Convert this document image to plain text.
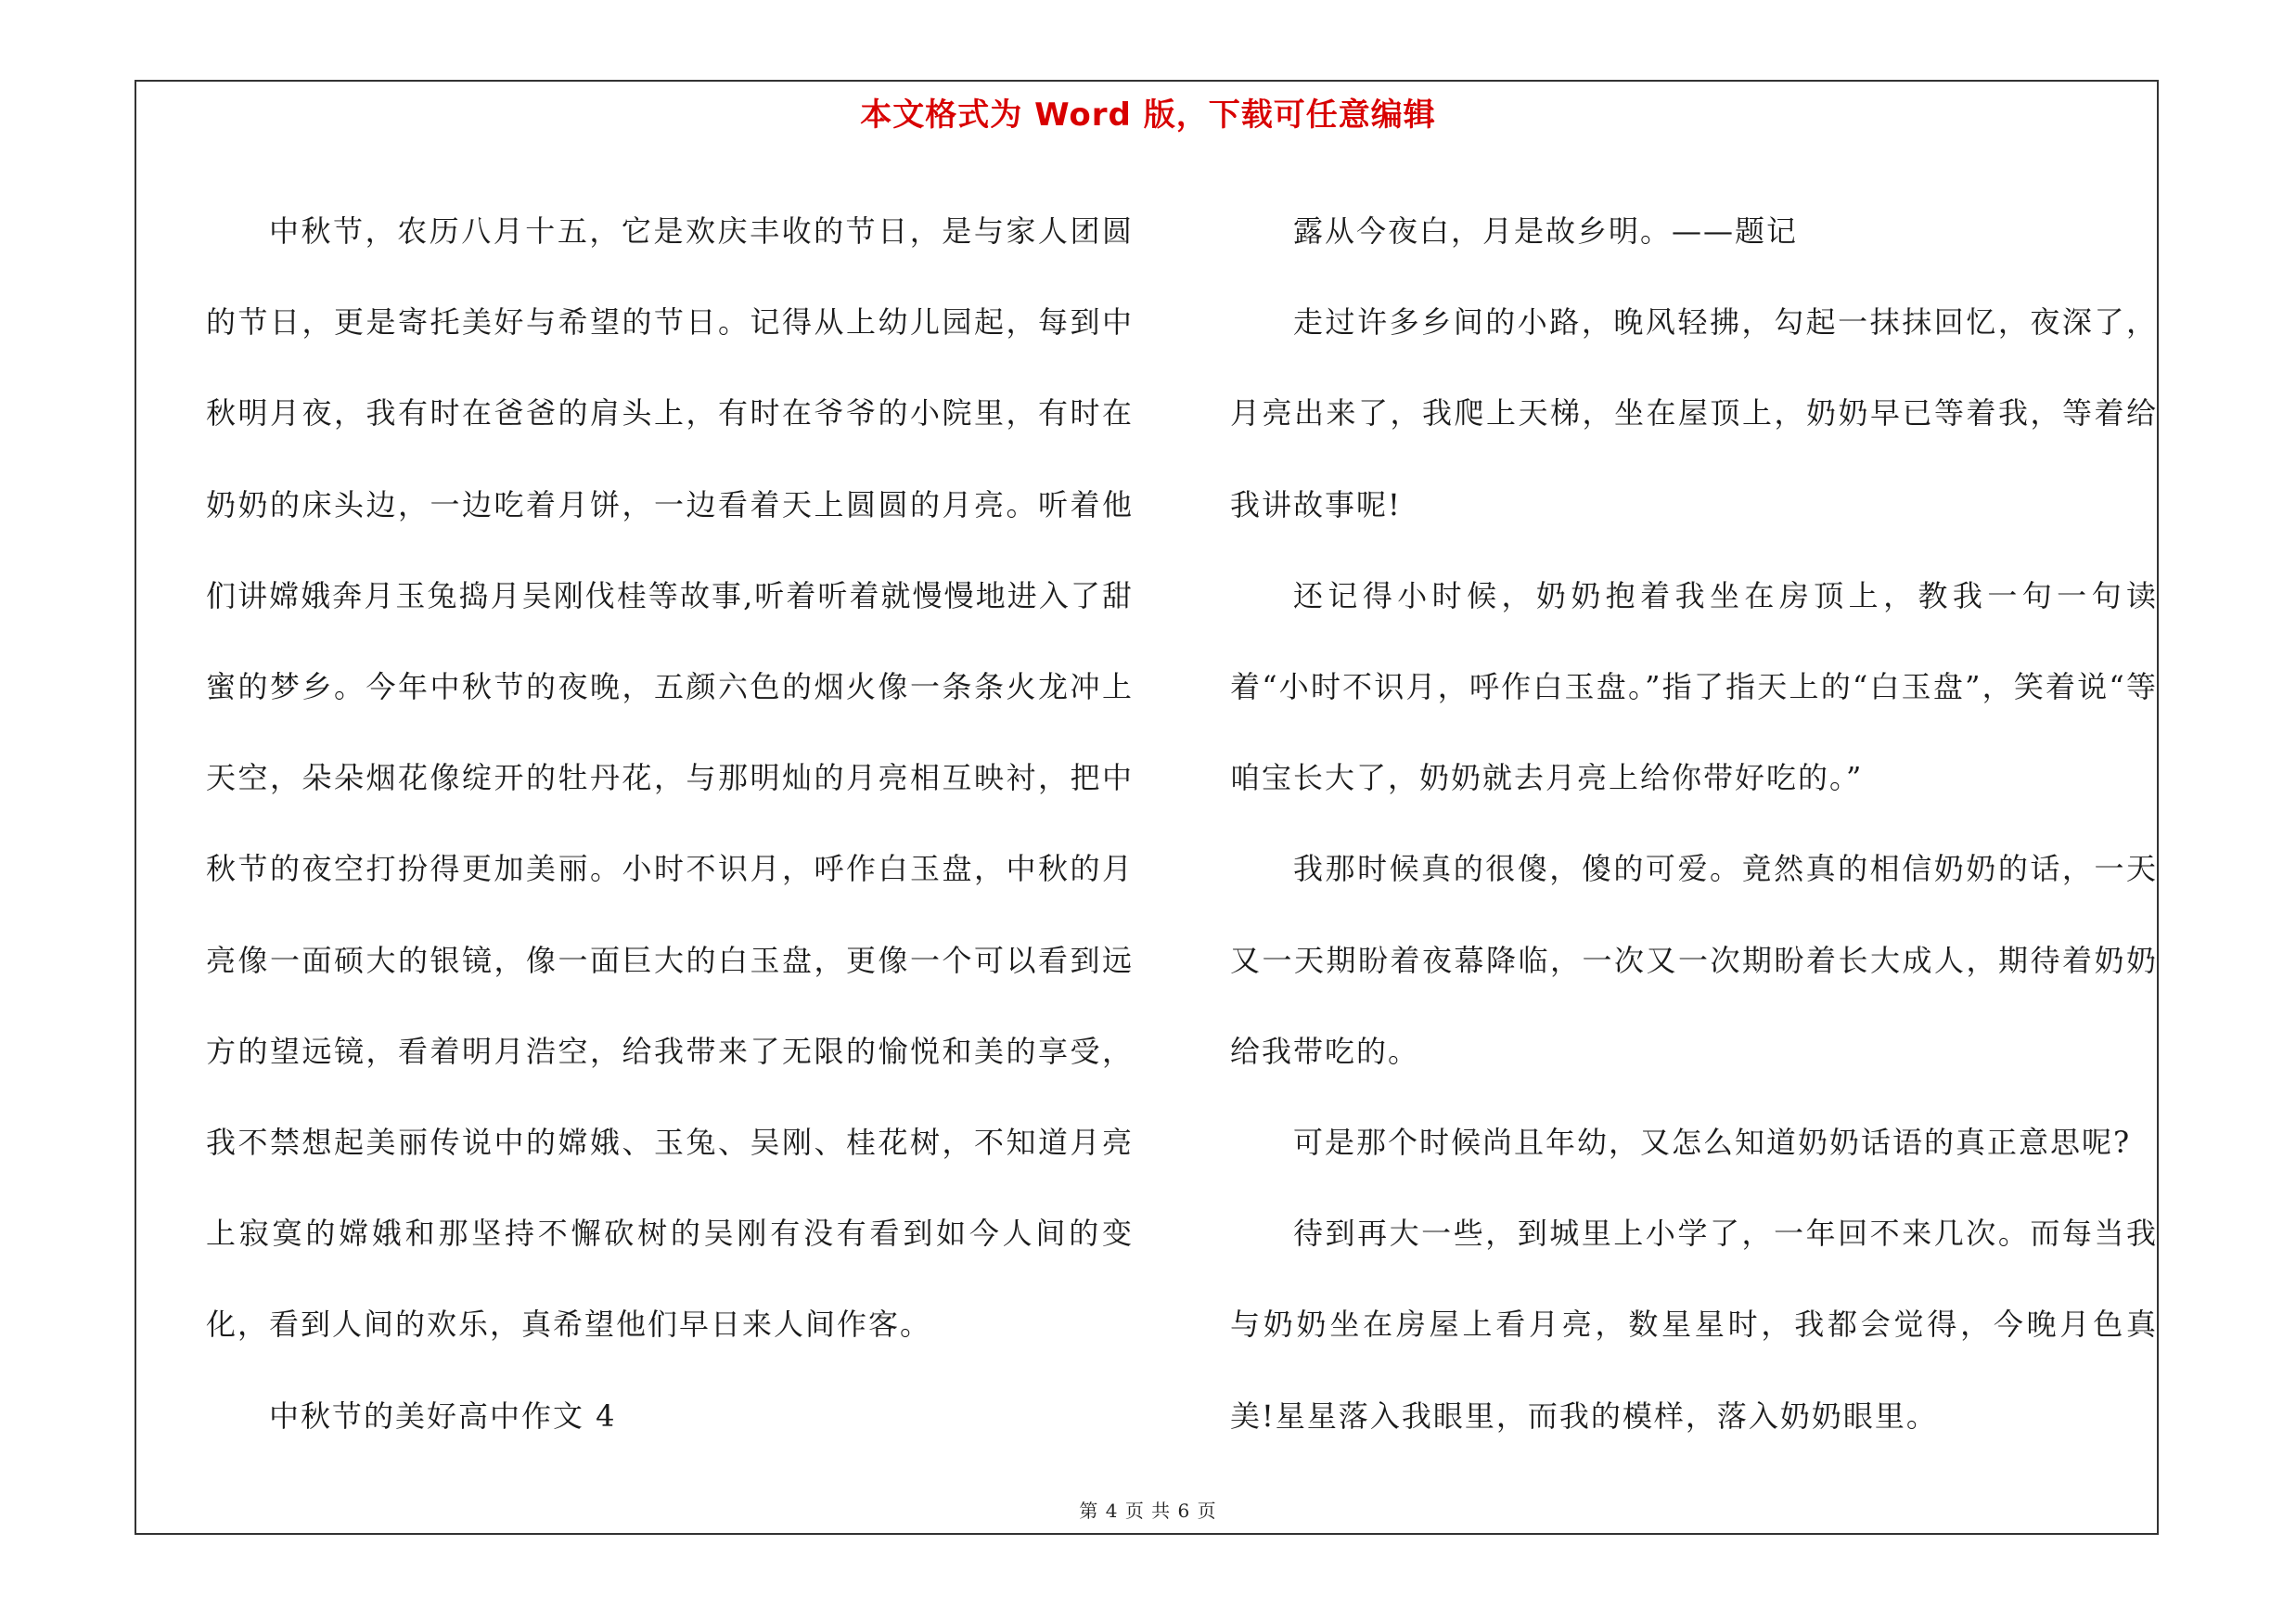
本文格式为 Word 版，下载可任意编辑

中秋节，农历八月十五，它是欢庆丰收的节日，是与家人团圆的节日，更是寄托美好与希望的节日。记得从上幼儿园起，每到中秋明月夜，我有时在爸爸的肩头上，有时在爷爷的小院里，有时在奶奶的床头边，一边吃着月饼，一边看着天上圆圆的月亮。听着他们讲嫦娥奔月玉兔捣月吴刚伐桂等故事,听着听着就慢慢地进入了甜蜜的梦乡。今年中秋节的夜晚，五颜六色的烟火像一条条火龙冲上天空，朵朵烟花像绽开的牡丹花，与那明灿的月亮相互映衬，把中秋节的夜空打扮得更加美丽。小时不识月，呼作白玉盘，中秋的月亮像一面硕大的银镜，像一面巨大的白玉盘，更像一个可以看到远方的望远镜，看着明月浩空，给我带来了无限的愉悦和美的享受，我不禁想起美丽传说中的嫦娥、玉兔、吴刚、桂花树，不知道月亮上寂寞的嫦娥和那坚持不懈砍树的吴刚有没有看到如今人间的变化，看到人间的欢乐，真希望他们早日来人间作客。

中秋节的美好高中作文 4

露从今夜白，月是故乡明。——题记

走过许多乡间的小路，晚风轻拂，勾起一抹抹回忆，夜深了，月亮出来了，我爬上天梯，坐在屋顶上，奶奶早已等着我，等着给我讲故事呢!

还记得小时候，奶奶抱着我坐在房顶上，教我一句一句读着“小时不识月，呼作白玉盘。”指了指天上的“白玉盘”，笑着说“等咱宝长大了，奶奶就去月亮上给你带好吃的。”

我那时候真的很傻，傻的可爱。竟然真的相信奶奶的话，一天又一天期盼着夜幕降临，一次又一次期盼着长大成人，期待着奶奶给我带吃的。

可是那个时候尚且年幼，又怎么知道奶奶话语的真正意思呢?

待到再大一些，到城里上小学了，一年回不来几次。而每当我与奶奶坐在房屋上看月亮，数星星时，我都会觉得，今晚月色真美!星星落入我眼里，而我的模样，落入奶奶眼里。

第 4 页 共 6 页
